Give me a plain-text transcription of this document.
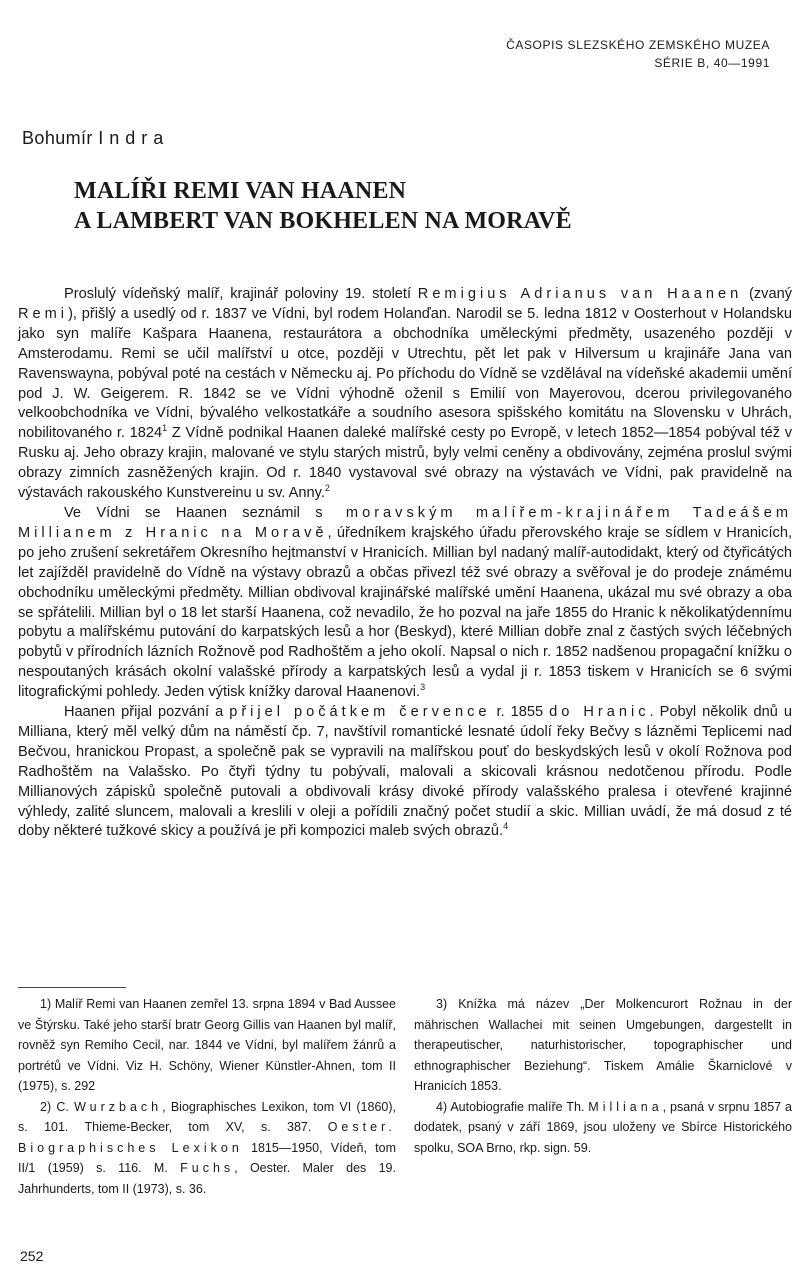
ČASOPIS SLEZSKÉHO ZEMSKÉHO MUZEA
SÉRIE B, 40—1991
Bohumír Indra
MALÍŘI REMI VAN HAANEN
A LAMBERT VAN BOKHELEN NA MORAVĚ

Proslulý vídeňský malíř, krajinář poloviny 19. století Remigius Adrianus van Haanen (zvaný Remi), přišlý a usedlý od r. 1837 ve Vídni, byl rodem Holanďan. Narodil se 5. ledna 1812 v Oosterhout v Holandsku jako syn malíře Kašpara Haanena, restaurátora a obchodníka uměleckými předměty, usazeného později v Amsterodamu. Remi se učil malířství u otce, později v Utrechtu, pět let pak v Hilversum u krajináře Jana van Ravenswayna, pobýval poté na cestách v Německu aj. Po příchodu do Vídně se vzdělával na vídeňské akademii umění pod J. W. Geigerem. R. 1842 se ve Vídni výhodně oženil s Emilií von Mayerovou, dcerou privilegovaného velkoobchodníka ve Vídni, bývalého velkostatkáře a soudního asesora spišského komitátu na Slovensku v Uhrách, nobilitovaného r. 1824$^1$ Z Vídně podnikal Haanen daleké malířské cesty po Evropě, v letech 1852—1854 pobýval též v Rusku aj. Jeho obrazy krajin, malované ve stylu starých mistrů, byly velmi ceněny a obdivovány, zejména proslul svými obrazy zimních zasněžených krajin. Od r. 1840 vystavoval své obrazy na výstavách ve Vídni, pak pravidelně na výstavách rakouského Kunstvereinu u sv. Anny.$^2$

Ve Vídni se Haanen seznámil s moravským malířem-krajinářem Tadeášem Millianem z Hranic na Moravě, úředníkem krajského úřadu přerovského kraje se sídlem v Hranicích, po jeho zrušení sekretářem Okresního hejtmanství v Hranicích. Millian byl nadaný malíř-autodidakt, který od čtyřicátých let zajížděl pravidelně do Vídně na výstavy obrazů a občas přivezl též své obrazy a svěřoval je do prodeje známému obchodníku uměleckými předměty. Millian obdivoval krajinářské malířské umění Haanena, ukázal mu své obrazy a oba se spřátelili. Millian byl o 18 let starší Haanena, což nevadilo, že ho pozval na jaře 1855 do Hranic k několikatýdennímu pobytu a malířskému putování do karpatských lesů a hor (Beskyd), které Millian dobře znal z častých svých léčebných pobytů v přírodních lázních Rožnově pod Radhoštěm a jeho okolí. Napsal o nich r. 1852 nadšenou propagační knížku o nespoutaných krásách okolní valašské přírody a karpatských lesů a vydal ji r. 1853 tiskem v Hranicích se 6 svými litografickými pohledy. Jeden výtisk knížky daroval Haanenovi.$^3$

Haanen přijal pozvání a přijel počátkem července r. 1855 do Hranic. Pobyl několik dnů u Milliana, který měl velký dům na náměstí čp. 7, navštívil romantické lesnaté údolí řeky Bečvy s lázněmi Teplicemi nad Bečvou, hranickou Propast, a společně pak se vypravili na malířskou pouť do beskydských lesů v okolí Rožnova pod Radhoštěm na Valašsko. Po čtyři týdny tu pobývali, malovali a skicovali krásnou nedotčenou přírodu. Podle Millianových zápisků společně putovali a obdivovali krásy divoké přírody valašského pralesa i otevřené krajinné výhledy, zalité sluncem, malovali a kreslili v oleji a pořídili značný počet studií a skic. Millian uvádí, že má dosud z té doby některé tužkové skicy a používá je při kompozici maleb svých obrazů.$^4$

1) Malíř Remi van Haanen zemřel 13. srpna 1894 v Bad Aussee ve Štýrsku. Také jeho starší bratr Georg Gillis van Haanen byl malíř, rovněž syn Remiho Cecil, nar. 1844 ve Vídni, byl malířem žánrů a portrétů ve Vídni. Viz H. Schöny, Wiener Künstler-Ahnen, tom II (1975), s. 292
2) C. Wurzbach, Biographisches Lexikon, tom VI (1860), s. 101. Thieme-Becker, tom XV, s. 387. Oester. Biographisches Lexikon 1815—1950, Vídeň, tom II/1 (1959) s. 116. M. Fuchs, Oester. Maler des 19. Jahrhunderts, tom II (1973), s. 36.
3) Knížka má název „Der Molkencurort Rožnau in der mährischen Wallachei mit seinen Umgebungen, dargestellt in therapeutischer, naturhistorischer, topographischer und ethnographischer Beziehung“. Tiskem Amálie Škarniclové v Hranicích 1853.
4) Autobiografie malíře Th. Milliana, psaná v srpnu 1857 a dodatek, psaný v září 1869, jsou uloženy ve Sbírce Historického spolku, SOA Brno, rkp. sign. 59.
252
